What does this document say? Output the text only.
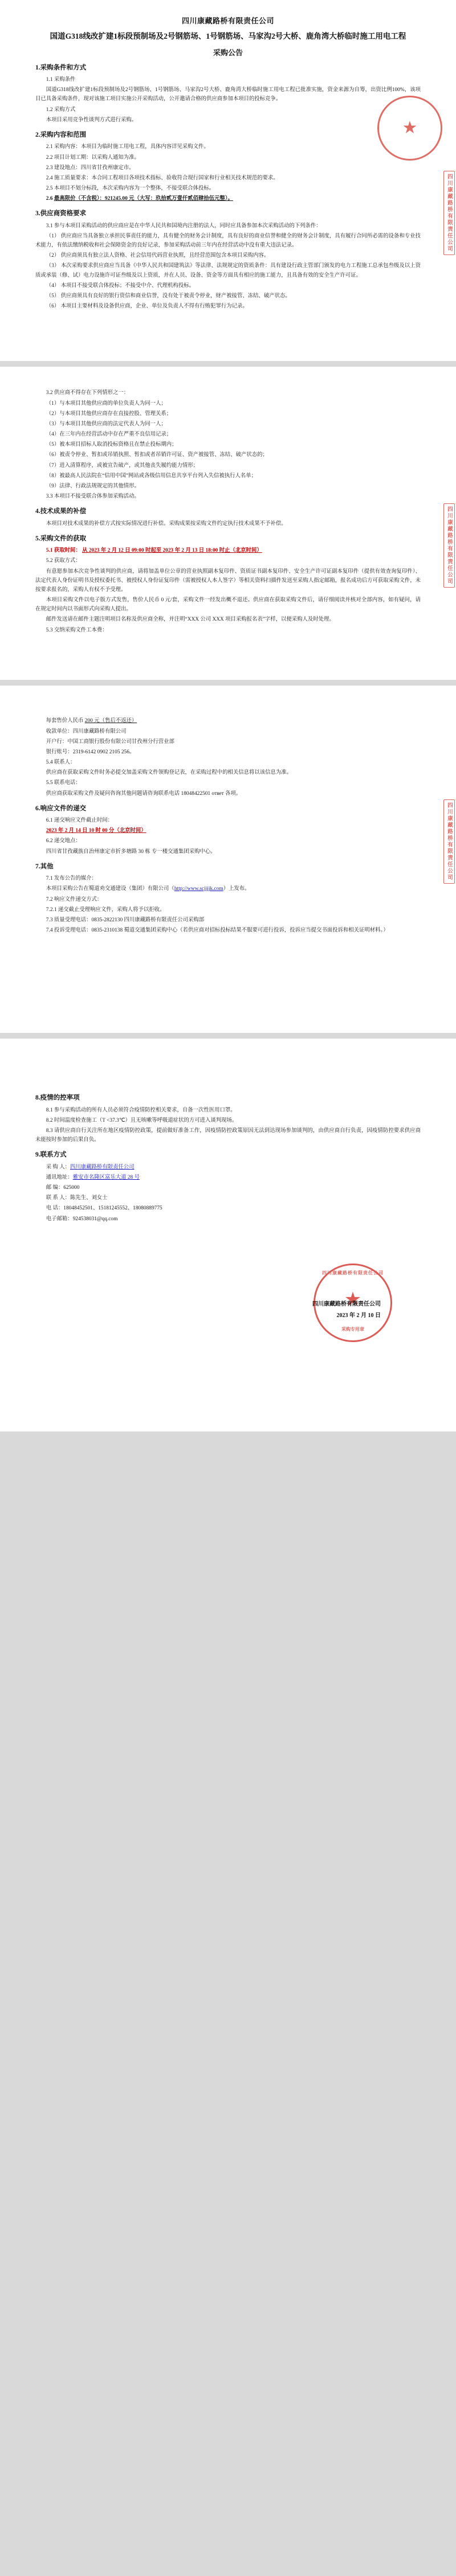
四川康藏路桥有限责任公司
国道G318线改扩建1标段预制场及2号钢筋场、1号钢筋场、马家沟2号大桥、鹿角湾大桥临时施工用电工程
采购公告
1.采购条件和方式

1.1 采购条件

国道G318线改扩建1标段预制场及2号钢筋场、1号钢筋场、马家沟2号大桥、鹿角湾大桥临时施工用电工程已批准实施，资金来源为自筹，出资比例100%，该项目已具备采购条件，现对该施工项目实施公开采购活动，公开邀请合格的供应商参加本项目的投标竞争。

1.2 采购方式

本项目采用竞争性谈判方式进行采购。

2.采购内容和范围

2.1 采购内容：本项目为临时施工用电工程，具体内容详见采购文件。

2.2 项目计划工期：以采购人通知为准。

2.3 建设地点：四川省甘孜州康定市。

2.4 施工质量要求：本合同工程项目各项技术指标、验收符合现行国家和行业相关技术规范的要求。

2.5 本项目不划分标段，本次采购内容为一个整体，不接受联合体投标。

2.6 最高限价（不含税）：921245.00 元（大写：玖拾贰万壹仟贰佰肆拾伍元整）。

3.供应商资格要求

3.1 参与本项目采购活动的供应商应是在中华人民共和国境内注册的法人，同时应具备参加本次采购活动的下列条件：

（1） 供应商应当具备独立承担民事责任的能力，具有健全的财务会计制度，具有良好的商业信誉和健全的财务会计制度，具有履行合同所必需的设备和专业技术能力，有依法缴纳税收和社会保障资金的良好记录，参加采购活动前三年内在经营活动中没有重大违法记录。

（2） 供应商须具有独立法人资格、社会信用代码营业执照，且经营范围包含本项目采购内容。

（3） 本次采购要求供应商应当具备《中华人民共和国建筑法》等法律、法规规定的资质条件：具有建设行政主管部门颁发的电力工程施工总承包叁级及以上资质或承装（修、试）电力设施许可证叁级及以上资质，并在人员、设备、资金等方面具有相应的施工能力，且具备有效的安全生产许可证。

（4） 本项目不接受联合体投标；不接受中介、代理机构投标。

（5） 供应商须具有良好的银行资信和商业信誉，没有处于被责令停业，财产被接管、冻结、破产状态。

（6） 本项目主要材料及设备供应商，企业、单位及负责人不得有行贿犯罪行为记录。

★
四川康藏路桥有限责任公司

3.2 供应商不得存在下列情形之一：

（1）与本项目其他供应商的单位负责人为同一人；

（2）与本项目其他供应商存在直接控股、管理关系；

（3）与本项目其他供应商的法定代表人为同一人；

（4）在三年内在经营活动中存在严重不良信用记录；

（5）被本项目招标人取消投标资格且在禁止投标期内；

（6）被责令停业、暂扣或吊销执照、暂扣或者吊销许可证、资产被接管、冻结、破产状态的；

（7）进入清算程序，或被宣告破产，或其他丧失履约能力情形；

（8）被最高人民法院在“信用中国”网站或各级信用信息共享平台列入失信被执行人名单；

（9）法律、行政法规规定的其他情形。

3.3 本项目不接受联合体参加采购活动。

4.技术成果的补偿

本项目对技术成果的补偿方式按实际情况进行补偿。采购成果按采购文件约定执行技术成果不予补偿。

5.采购文件的获取

5.1 获取时间： 从 2023 年 2 月 12 日 09:00 时起至 2023 年 2 月 13 日 18:00 时止（北京时间）

5.2 获取方式：

有意愿参加本次竞争性谈判的供应商，请将加盖单位公章的营业执照副本复印件、资质证书副本复印件、安全生产许可证副本复印件（提供有效查询复印件）、法定代表人身份证明书及授权委托书、被授权人身份证复印件（需被授权人本人签字）等相关资料扫描件发送至采购人指定邮箱，报名成功后方可获取采购文件，未按要求报名的，采购人有权不予受理。

本项目采购文件以电子版方式发售，售价人民币 0 元/套，采购文件一经发出概不退还。供应商在获取采购文件后，请仔细阅读并核对全部内容，如有疑问，请在规定时间内以书面形式向采购人提出。

邮件发送请在邮件主题注明项目名称及供应商全称，并注明“XXX 公司 XXX 项目采购报名表”字样，以便采购人及时处理。

5.3 交纳采购文件工本费：

四川康藏路桥有限责任公司

每套售价人民币 200 元（售后不返还）

收款单位：四川康藏路桥有限公司

开户行：中国工商银行股份有限公司甘孜州分行营业部

银行账号：2319-6142 0902 2105 256。

5.4 联系人：

供应商在获取采购文件时务必提交加盖采购文件领购登记表，在采购过程中的相关信息将以该信息为准。

5.5 联系电话：

供应商获取采购文件及疑问咨询其他问题请咨询联系电话 18048422501 ответ 各项。

6.响应文件的递交

6.1 递交响应文件截止时间：

2023 年 2 月 14 日 10 时 00 分（北京时间）

6.2 递交地点：

四川省甘孜藏族自治州康定市折多塘路 30 栋 专一楼交通集团采购中心。

7.其他

7.1 发布公告的媒介：

本项目采购公告在蜀道劝交通建设（集团）有限公司（http://www.scjjjjk.com）上发布。

7.2 响应文件递交方式：

7.2.1 递交截止受理响应文件，采购人将予以拒收。

7.3 质量受理电话：0835-2822130 四川康藏路桥有限责任公司采购部

7.4 投诉受理电话：0835-2310138 蜀道交通集团采购中心（若供应商对招标投标结果不服要可进行投诉，投诉应当提交书面投诉和相关证明材料。）

四川康藏路桥有限责任公司
8.疫情的控率项

8.1 参与采购活动的所有人员必须符合疫情防控相关要求，自备一次性医用口罩。

8.2 时间温度检查施工（T <37.3℃）且无咳嗽等呼吸道症状的方可进入谈判现场。

8.3 请供应商自行关注所在地区疫情防控政策，提前做好准备工作，因疫情防控政策原因无法到达现场参加谈判的，由供应商自行负责，因疫情防控要求供应商未能按时参加的后果自负。

9.联系方式

采 购 人：四川康藏路桥有限责任公司

通讯地址：雅安市名隆区富乐大道 28 号

邮 编：625000

联 系 人：陈先生、刘女士

电 话：18048452501、15181245552、18080889775

电子邮箱：924538031@qq.com

四川康藏路桥有限责任公司
★
采购专用章
四川康藏路桥有限责任公司
2023 年 2 月 10 日
